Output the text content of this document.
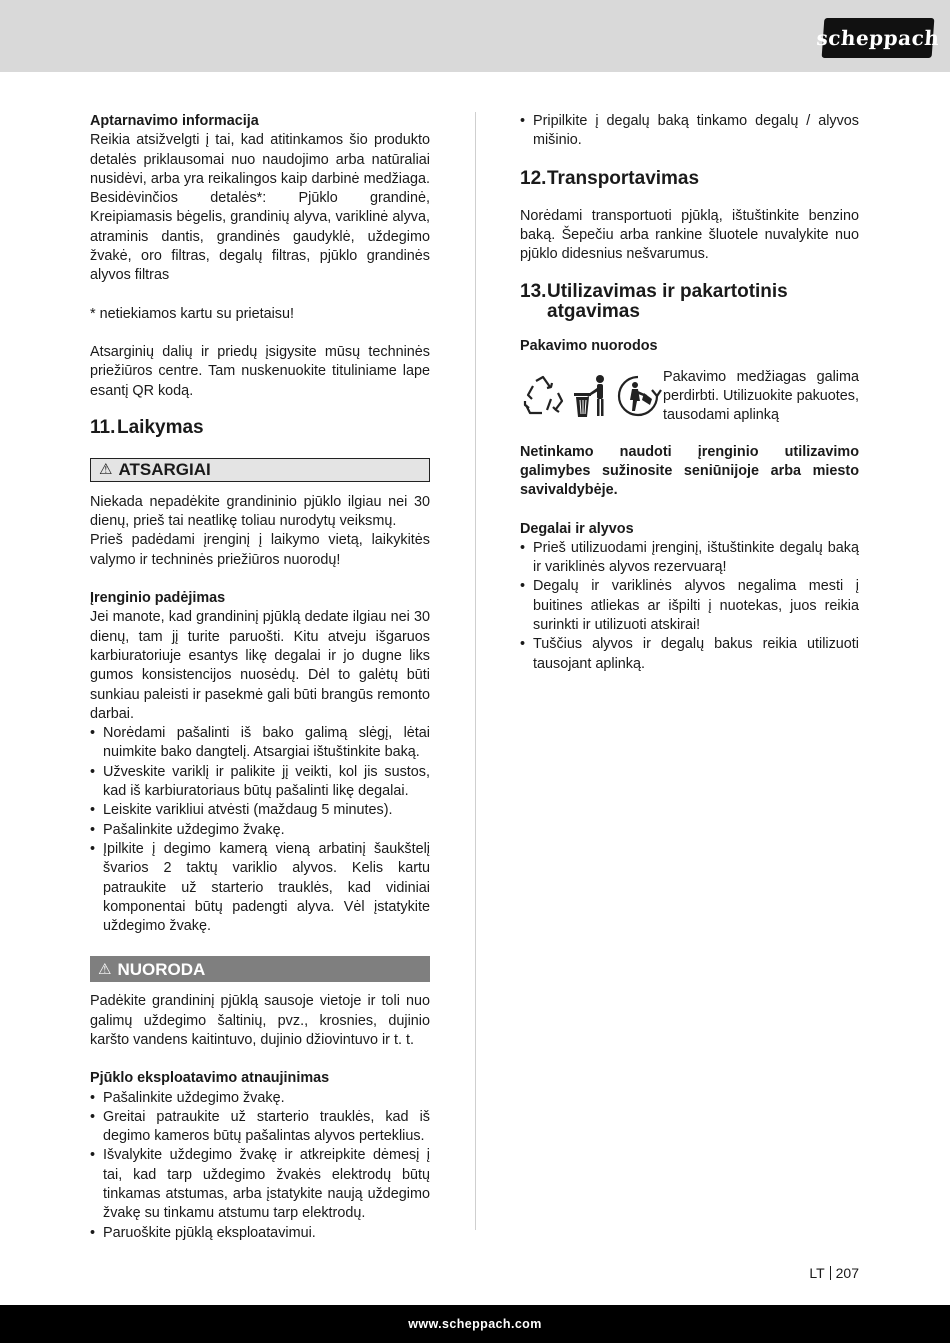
scheppach

Aptarnavimo informacija

Reikia atsižvelgti į tai, kad atitinkamos šio produkto detalės priklausomai nuo naudojimo arba natūraliai nusidėvi, arba yra reikalingos kaip darbinė medžiaga. Besidėvinčios detalės*: Pjūklo grandinė, Kreipiamasis bėgelis, grandinių alyva, variklinė alyva, atraminis dantis, grandinės gaudyklė, uždegimo žvakė, oro filtras, degalų filtras, pjūklo grandinės alyvos filtras

* netiekiamos kartu su prietaisu!

Atsarginių dalių ir priedų įsigysite mūsų techninės priežiūros centre. Tam nuskenuokite tituliniame lape esantį QR kodą.

11. Laikymas
⚠ ATSARGIAI

Niekada nepadėkite grandininio pjūklo ilgiau nei 30 dienų, prieš tai neatlikę toliau nurodytų veiksmų.

Prieš padėdami įrenginį į laikymo vietą, laikykitės valymo ir techninės priežiūros nuorodų!

Įrenginio padėjimas

Jei manote, kad grandininį pjūklą dedate ilgiau nei 30 dienų, tam jį turite paruošti. Kitu atveju išgaruos karbiuratoriuje esantys likę degalai ir jo dugne liks gumos konsistencijos nuosėdų. Dėl to galėtų būti sunkiau paleisti ir pasekmė gali būti brangūs remonto darbai.

• Norėdami pašalinti iš bako galimą slėgį, lėtai nuimkite bako dangtelį. Atsargiai ištuštinkite baką.
• Užveskite variklį ir palikite jį veikti, kol jis sustos, kad iš karbiuratoriaus būtų pašalinti likę degalai.
• Leiskite varikliui atvėsti (maždaug 5 minutes).
• Pašalinkite uždegimo žvakę.
• Įpilkite į degimo kamerą vieną arbatinį šaukštelį švarios 2 taktų variklio alyvos. Kelis kartu patraukite už starterio trauklės, kad vidiniai komponentai būtų padengti alyva. Vėl įstatykite uždegimo žvakę.
⚠ NUORODA

Padėkite grandininį pjūklą sausoje vietoje ir toli nuo galimų uždegimo šaltinių, pvz., krosnies, dujinio karšto vandens kaitintuvo, dujinio džiovintuvo ir t. t.

Pjūklo eksploatavimo atnaujinimas

• Pašalinkite uždegimo žvakę.
• Greitai patraukite už starterio trauklės, kad iš degimo kameros būtų pašalintas alyvos perteklius.
• Išvalykite uždegimo žvakę ir atkreipkite dėmesį į tai, kad tarp uždegimo žvakės elektrodų būtų tinkamas atstumas, arba įstatykite naują uždegimo žvakę su tinkamu atstumu tarp elektrodų.
• Paruoškite pjūklą eksploatavimui.
• Pripilkite į degalų baką tinkamo degalų / alyvos mišinio.
12. Transportavimas

Norėdami transportuoti pjūklą, ištuštinkite benzino baką. Šepečiu arba rankine šluotele nuvalykite nuo pjūklo didesnius nešvarumus.

13. Utilizavimas ir pakartotinis atgavimas

Pakavimo nuorodos

Pakavimo medžiagas galima perdirbti. Utilizuokite pakuotes, tausodami aplinką

Netinkamo naudoti įrenginio utilizavimo galimybes sužinosite seniūnijoje arba miesto savivaldybėje.

Degalai ir alyvos

• Prieš utilizuodami įrenginį, ištuštinkite degalų baką ir variklinės alyvos rezervuarą!
• Degalų ir variklinės alyvos negalima mesti į buitines atliekas ar išpilti į nuotekas, juos reikia surinkti ir utilizuoti atskirai!
• Tuščius alyvos ir degalų bakus reikia utilizuoti tausojant aplinką.
LT 207
www.scheppach.com
